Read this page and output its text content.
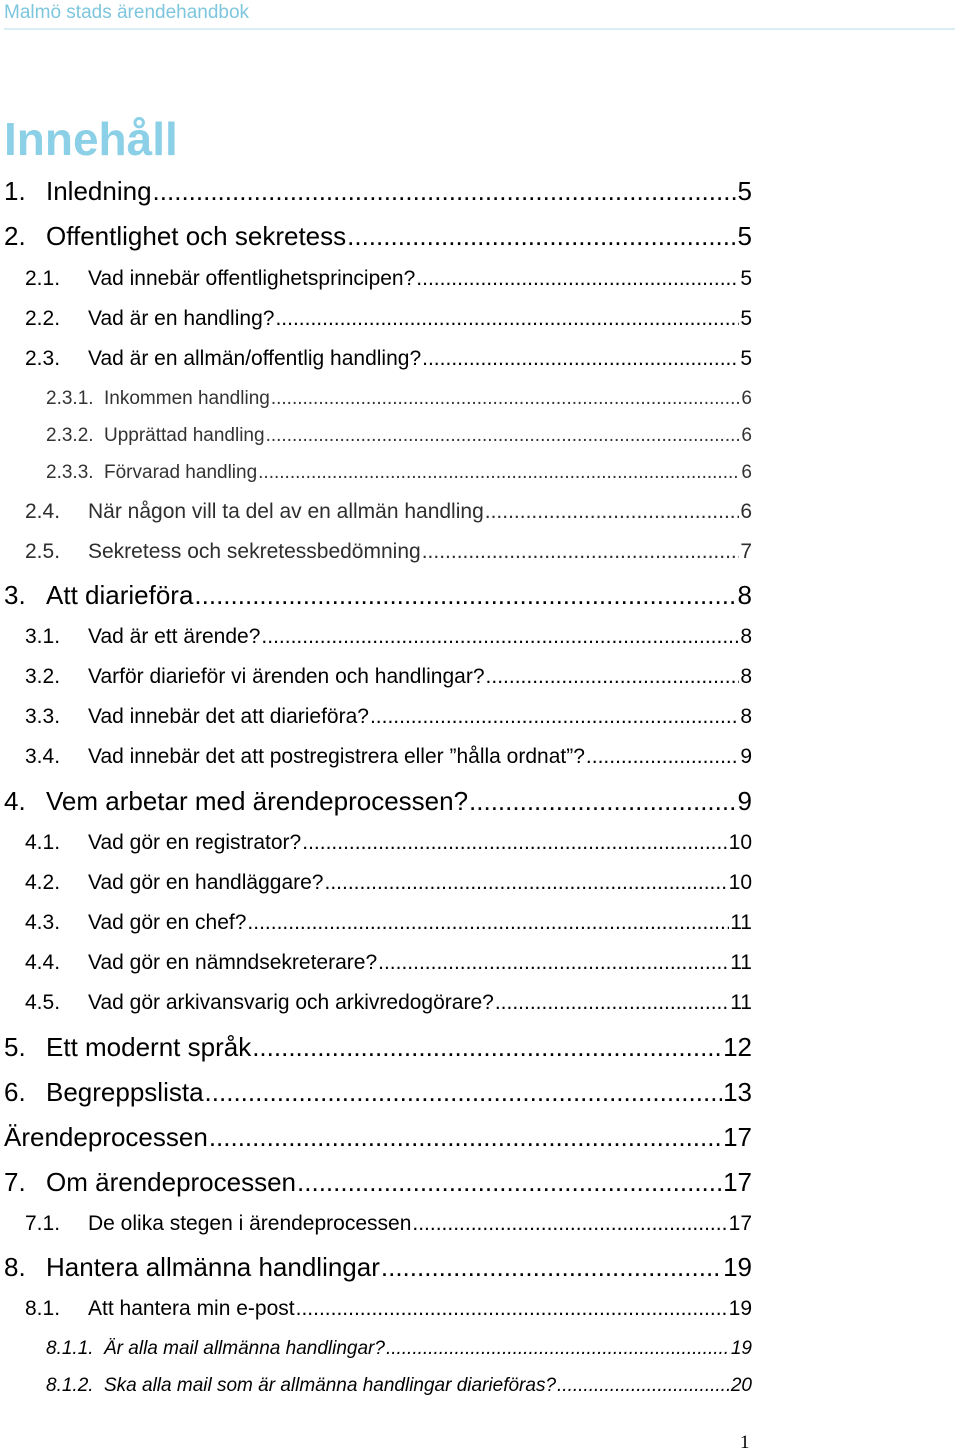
Malmö stads ärendehandbok
Innehåll
1. Inledning .....	5
2. Offentlighet och sekretess .....	5
2.1.	Vad innebär offentlighetsprincipen? .....	5
2.2.	Vad är en handling? .....	5
2.3.	Vad är en allmän/offentlig handling? .....	5
2.3.1. Inkommen handling .....	6
2.3.2. Upprättad handling .....	6
2.3.3. Förvarad handling .....	6
2.4.	När någon vill ta del av en allmän handling .....	6
2.5.	Sekretess och sekretessbedömning .....	7
3. Att diarieföra .....	8
3.1.	Vad är ett ärende? .....	8
3.2.	Varför diarieför vi ärenden och handlingar? .....	8
3.3.	Vad innebär det att diarieföra? .....	8
3.4.	Vad innebär det att postregistrera eller ”hålla ordnat”? .....	9
4. Vem arbetar med ärendeprocessen? .....	9
4.1.	Vad gör en registrator? .....	10
4.2.	Vad gör en handläggare? .....	10
4.3.	Vad gör en chef? .....	11
4.4.	Vad gör en nämndsekreterare? .....	11
4.5.	Vad gör arkivansvarig och arkivredogörare? .....	11
5. Ett modernt språk .....	12
6. Begreppslista .....	13
Ärendeprocessen .....	17
7. Om ärendeprocessen .....	17
7.1.	De olika stegen i ärendeprocessen .....	17
8. Hantera allmänna handlingar .....	19
8.1.	Att hantera min e-post .....	19
8.1.1. Är alla mail allmänna handlingar? .....	19
8.1.2. Ska alla mail som är allmänna handlingar diarieföras? .....	20
1
